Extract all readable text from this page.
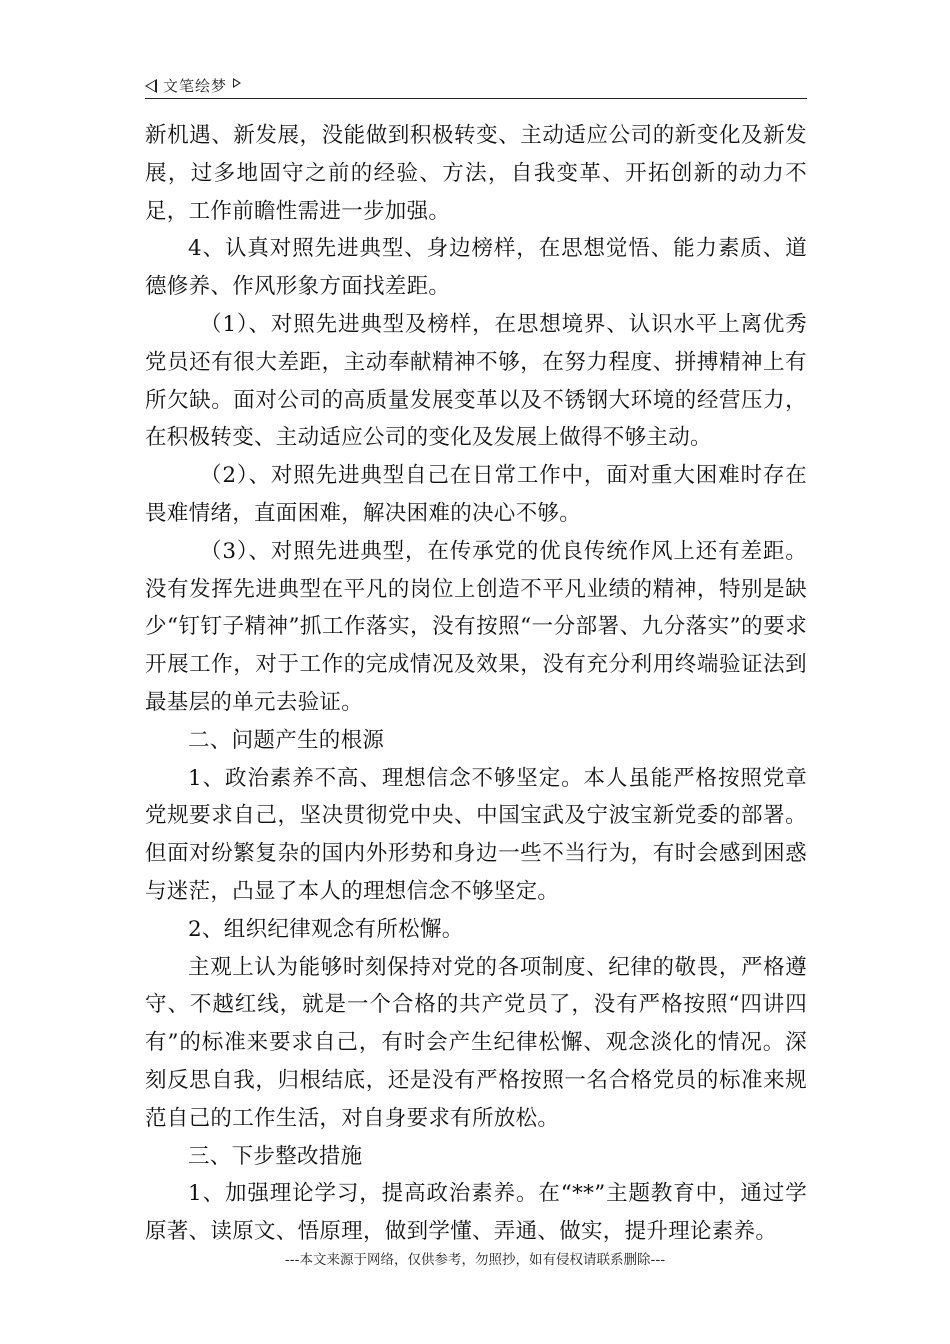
文笔绘梦

新机遇、新发展，没能做到积极转变、主动适应公司的新变化及新发展，过多地固守之前的经验、方法，自我变革、开拓创新的动力不足，工作前瞻性需进一步加强。

4、认真对照先进典型、身边榜样，在思想觉悟、能力素质、道德修养、作风形象方面找差距。

（1）、对照先进典型及榜样，在思想境界、认识水平上离优秀党员还有很大差距，主动奉献精神不够，在努力程度、拼搏精神上有所欠缺。面对公司的高质量发展变革以及不锈钢大环境的经营压力，在积极转变、主动适应公司的变化及发展上做得不够主动。

（2）、对照先进典型自己在日常工作中，面对重大困难时存在畏难情绪，直面困难，解决困难的决心不够。

（3）、对照先进典型，在传承党的优良传统作风上还有差距。没有发挥先进典型在平凡的岗位上创造不平凡业绩的精神，特别是缺少“钉钉子精神”抓工作落实，没有按照“一分部署、九分落实”的要求开展工作，对于工作的完成情况及效果，没有充分利用终端验证法到最基层的单元去验证。

二、问题产生的根源

1、政治素养不高、理想信念不够坚定。本人虽能严格按照党章党规要求自己，坚决贯彻党中央、中国宝武及宁波宝新党委的部署。但面对纷繁复杂的国内外形势和身边一些不当行为，有时会感到困惑与迷茫，凸显了本人的理想信念不够坚定。

2、组织纪律观念有所松懈。

主观上认为能够时刻保持对党的各项制度、纪律的敬畏，严格遵守、不越红线，就是一个合格的共产党员了，没有严格按照“四讲四有”的标准来要求自己，有时会产生纪律松懈、观念淡化的情况。深刻反思自我，归根结底，还是没有严格按照一名合格党员的标准来规范自己的工作生活，对自身要求有所放松。

三、下步整改措施

1、加强理论学习，提高政治素养。在“**”主题教育中，通过学原著、读原文、悟原理，做到学懂、弄通、做实，提升理论素养。

---本文来源于网络，仅供参考，勿照抄，如有侵权请联系删除---
